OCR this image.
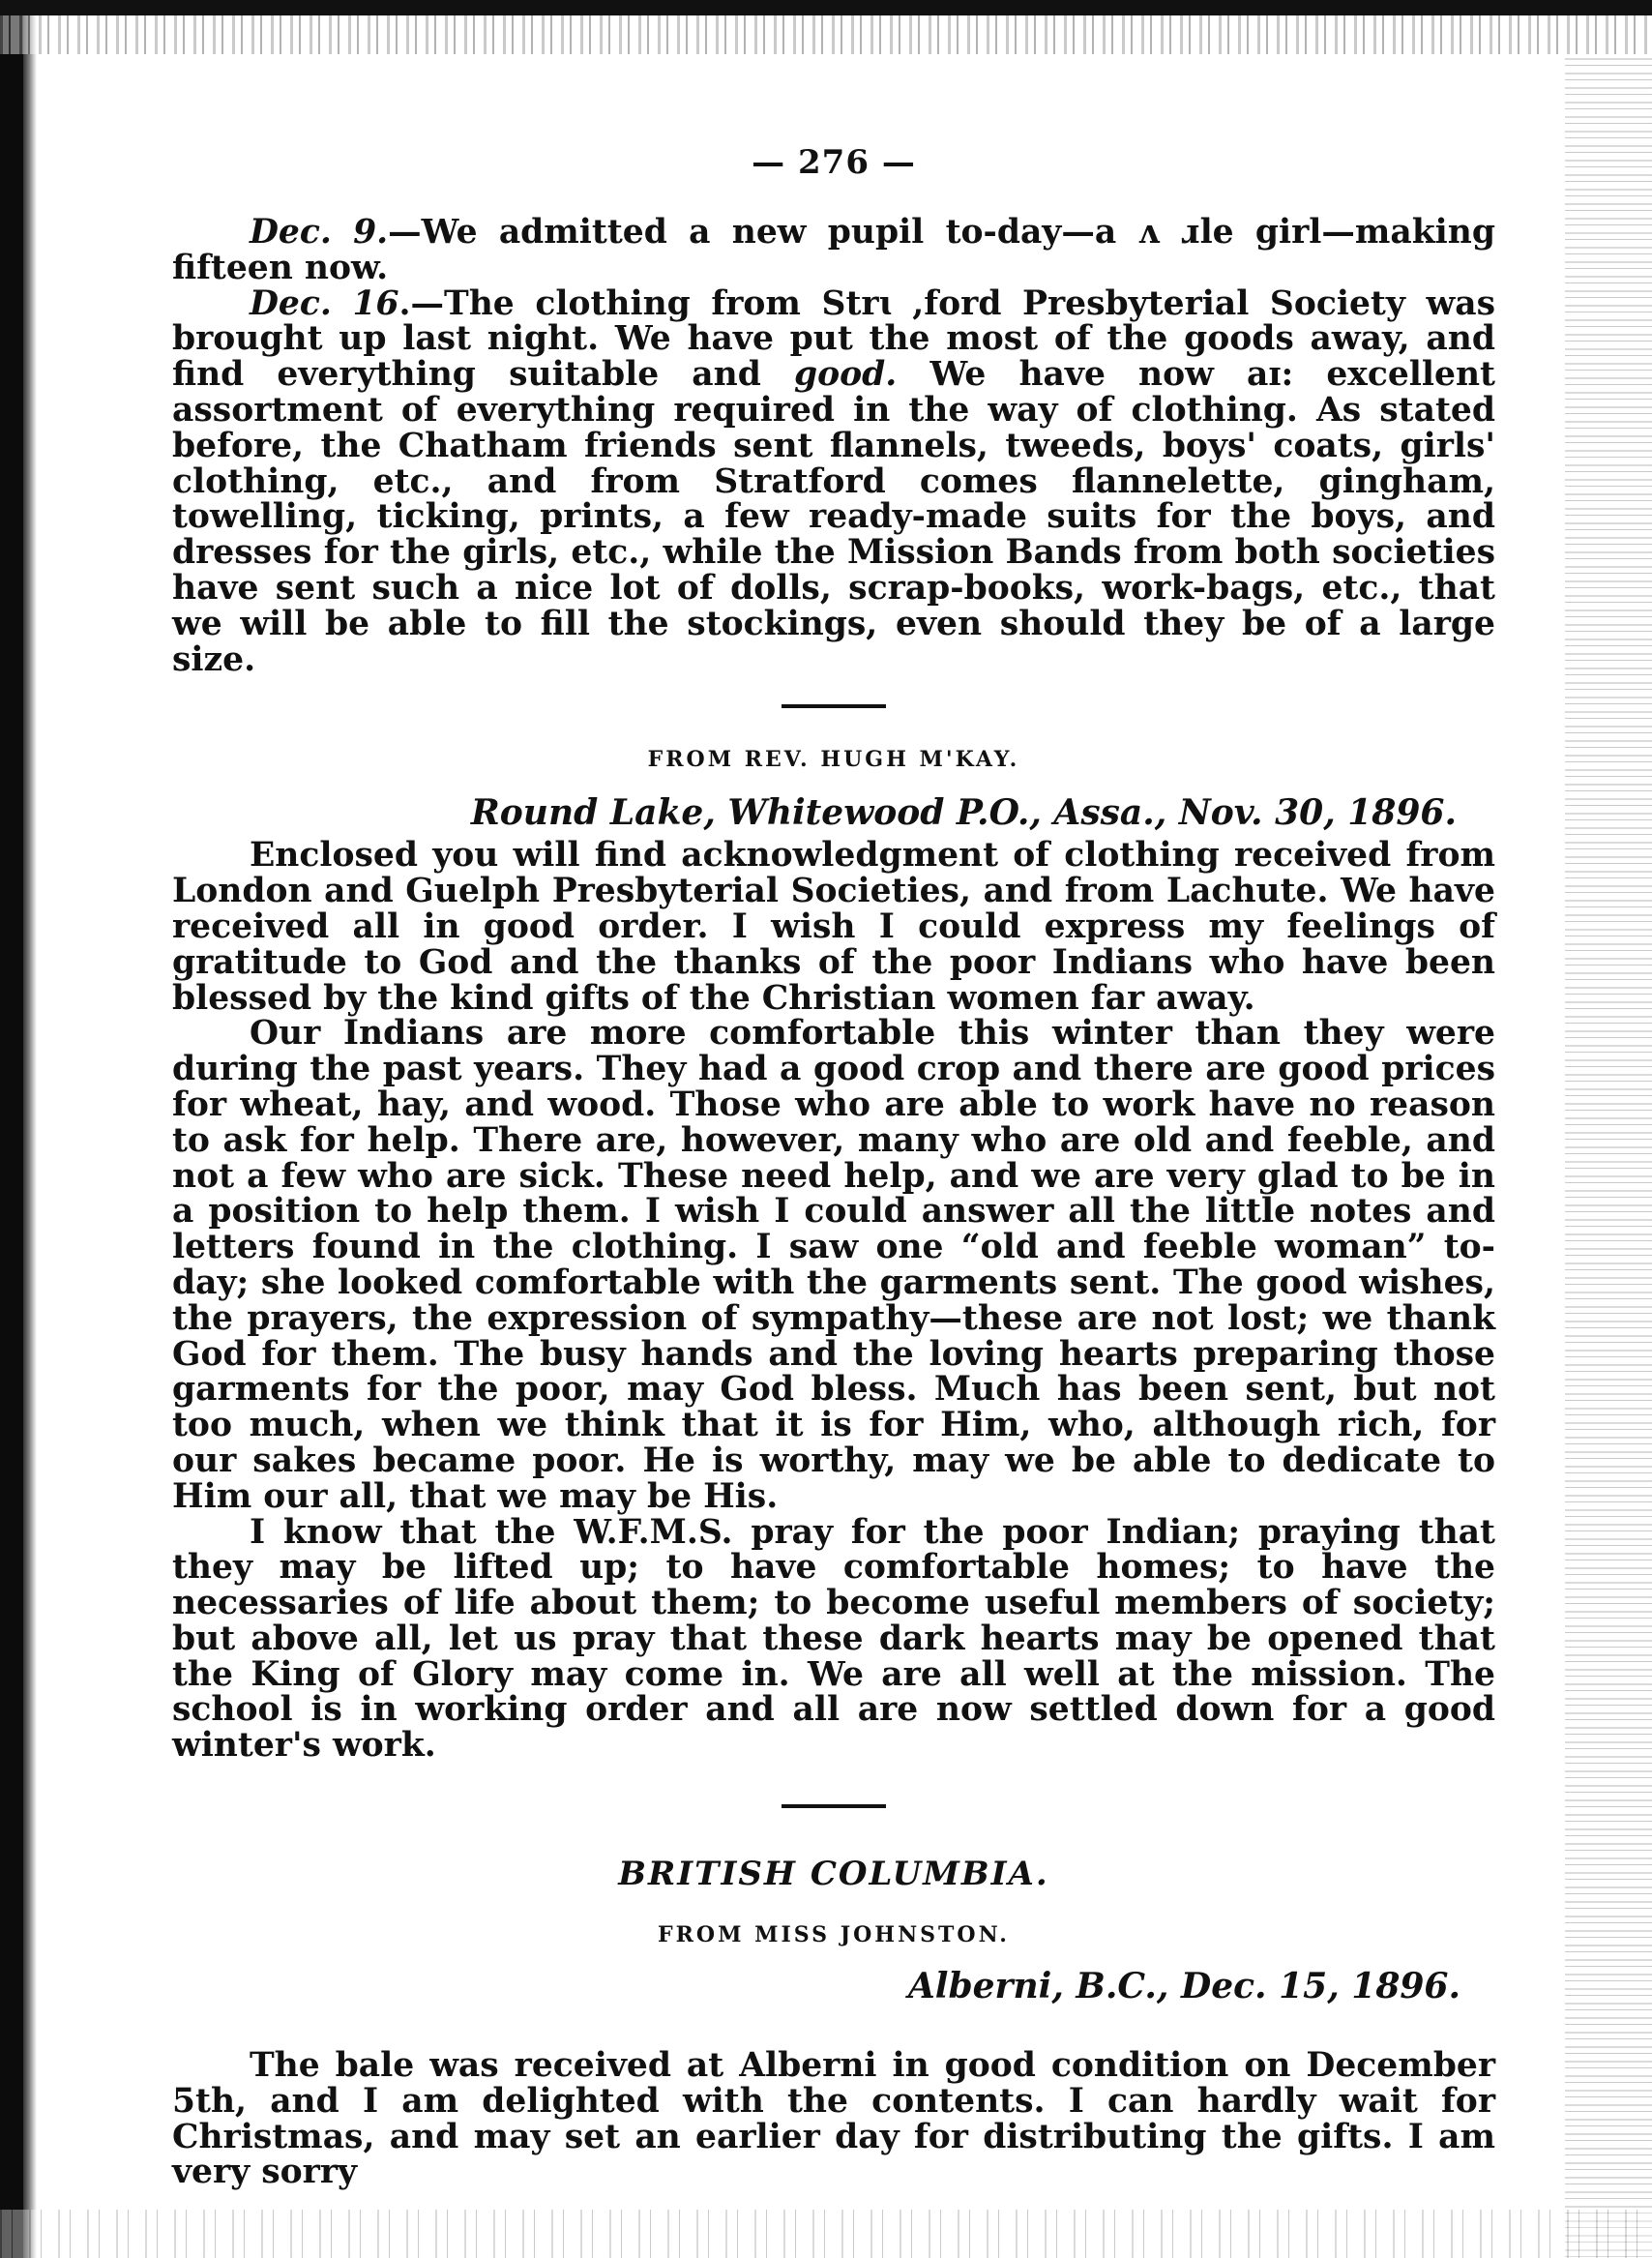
— 276 —

Dec. 9.—We admitted a new pupil to-day—a ʌ ɹle girl—making fifteen now.

Dec. 16.—The clothing from Strɩ ,ford Presbyterial Society was brought up last night. We have put the most of the goods away, and find everything suitable and good. We have now aɪ: excellent assortment of everything required in the way of clothing. As stated before, the Chatham friends sent flannels, tweeds, boys' coats, girls' clothing, etc., and from Stratford comes flannelette, gingham, towelling, ticking, prints, a few ready-made suits for the boys, and dresses for the girls, etc., while the Mission Bands from both societies have sent such a nice lot of dolls, scrap-books, work-bags, etc., that we will be able to fill the stockings, even should they be of a large size.

FROM REV. HUGH M'KAY.
Round Lake, Whitewood P.O., Assa., Nov. 30, 1896.

Enclosed you will find acknowledgment of clothing received from London and Guelph Presbyterial Societies, and from Lachute. We have received all in good order. I wish I could express my feelings of gratitude to God and the thanks of the poor Indians who have been blessed by the kind gifts of the Christian women far away.

Our Indians are more comfortable this winter than they were during the past years. They had a good crop and there are good prices for wheat, hay, and wood. Those who are able to work have no reason to ask for help. There are, however, many who are old and feeble, and not a few who are sick. These need help, and we are very glad to be in a position to help them. I wish I could answer all the little notes and letters found in the clothing. I saw one “old and feeble woman” to-day; she looked comfortable with the garments sent. The good wishes, the prayers, the expression of sympathy—these are not lost; we thank God for them. The busy hands and the loving hearts preparing those garments for the poor, may God bless. Much has been sent, but not too much, when we think that it is for Him, who, although rich, for our sakes became poor. He is worthy, may we be able to dedicate to Him our all, that we may be His.

I know that the W.F.M.S. pray for the poor Indian; praying that they may be lifted up; to have comfortable homes; to have the necessaries of life about them; to become useful members of society; but above all, let us pray that these dark hearts may be opened that the King of Glory may come in. We are all well at the mission. The school is in working order and all are now settled down for a good winter's work.

BRITISH COLUMBIA.
FROM MISS JOHNSTON.
Alberni, B.C., Dec. 15, 1896.

The bale was received at Alberni in good condition on December 5th, and I am delighted with the contents. I can hardly wait for Christmas, and may set an earlier day for distributing the gifts. I am very sorry
